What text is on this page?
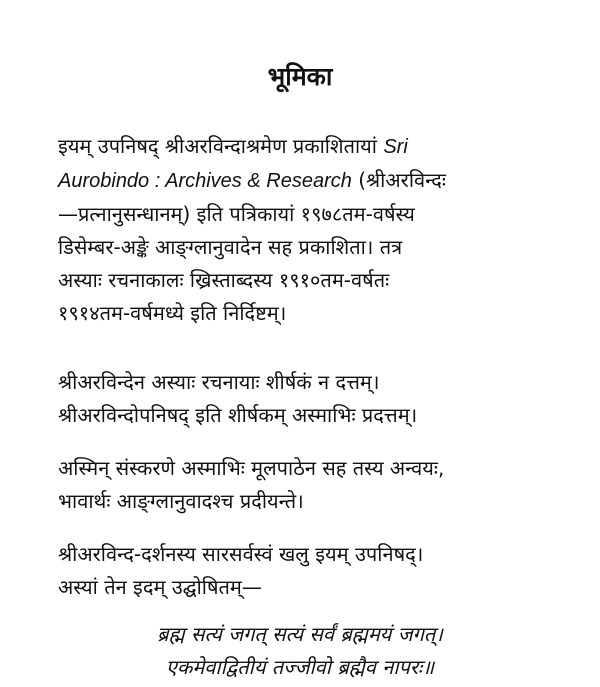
भूमिका
इयम् उपनिषद् श्रीअरविन्दाश्रमेण प्रकाशितायां Sri
Aurobindo : Archives & Research (श्रीअरविन्दः
—प्रत्नानुसन्धानम्) इति पत्रिकायां १९७८तम-वर्षस्य
डिसेम्बर-अङ्के आङ्ग्लानुवादेन सह प्रकाशिता। तत्र
अस्याः रचनाकालः ख्रिस्ताब्दस्य १९१०तम-वर्षतः
१९१४तम-वर्षमध्ये इति निर्दिष्टम्।
श्रीअरविन्देन अस्याः रचनायाः शीर्षकं न दत्तम्।
श्रीअरविन्दोपनिषद् इति शीर्षकम् अस्माभिः प्रदत्तम्।
अस्मिन् संस्करणे अस्माभिः मूलपाठेन सह तस्य अन्वयः,
भावार्थः आङ्ग्लानुवादश्च प्रदीयन्ते।
श्रीअरविन्द-दर्शनस्य सारसर्वस्वं खलु इयम् उपनिषद्।
अस्यां तेन इदम् उद्घोषितम्—
ब्रह्म सत्यं जगत् सत्यं सर्वं ब्रह्ममयं जगत्।
एकमेवाद्वितीयं तज्जीवो ब्रह्मैव नापरः॥
